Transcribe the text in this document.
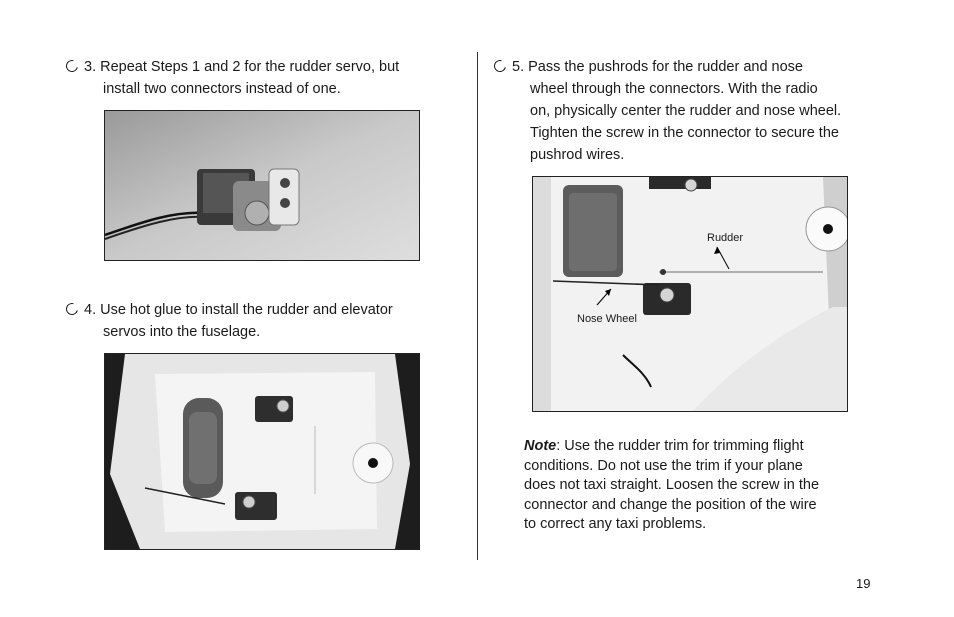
3. Repeat Steps 1 and 2 for the rudder servo, but
install two connectors instead of one.
4. Use hot glue to install the rudder and elevator
servos into the fuselage.
5. Pass the pushrods for the rudder and nose
wheel through the connectors. With the radio
on, physically center the rudder and nose wheel.
Tighten the screw in the connector to secure the
pushrod wires.
Rudder
Nose Wheel
Note: Use the rudder trim for trimming flight
conditions. Do not use the trim if your plane
does not taxi straight. Loosen the screw in the
connector and change the position of the wire
to correct any taxi problems.
19
